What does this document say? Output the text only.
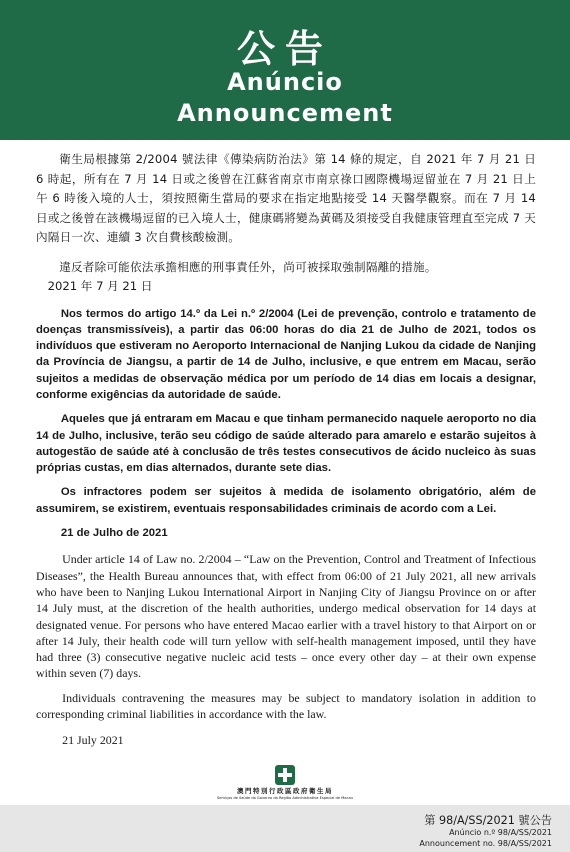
公告
Anúncio
Announcement

衛生局根據第 2/2004 號法律《傳染病防治法》第 14 條的規定，自 2021 年 7 月 21 日 6 時起，所有在 7 月 14 日或之後曾在江蘇省南京市南京祿口國際機場逗留並在 7 月 21 日上午 6 時後入境的人士，須按照衛生當局的要求在指定地點接受 14 天醫學觀察。而在 7 月 14 日或之後曾在該機場逗留的已入境人士，健康碼將變為黃碼及須接受自我健康管理直至完成 7 天內隔日一次、連續 3 次自費核酸檢測。

違反者除可能依法承擔相應的刑事責任外，尚可被採取強制隔離的措施。

2021 年 7 月 21 日

Nos termos do artigo 14.º da Lei n.º 2/2004 (Lei de prevenção, controlo e tratamento de doenças transmissíveis), a partir das 06:00 horas do dia 21 de Julho de 2021, todos os indivíduos que estiveram no Aeroporto Internacional de Nanjing Lukou da cidade de Nanjing da Província de Jiangsu, a partir de 14 de Julho, inclusive, e que entrem em Macau, serão sujeitos a medidas de observação médica por um período de 14 dias em locais a designar, conforme exigências da autoridade de saúde.

Aqueles que já entraram em Macau e que tinham permanecido naquele aeroporto no dia 14 de Julho, inclusive, terão seu código de saúde alterado para amarelo e estarão sujeitos à autogestão de saúde até à conclusão de três testes consecutivos de ácido nucleico às suas próprias custas, em dias alternados, durante sete dias.

Os infractores podem ser sujeitos à medida de isolamento obrigatório, além de assumirem, se existirem, eventuais responsabilidades criminais de acordo com a Lei.

21 de Julho de 2021

Under article 14 of Law no. 2/2004 – “Law on the Prevention, Control and Treatment of Infectious Diseases”, the Health Bureau announces that, with effect from 06:00 of 21 July 2021, all new arrivals who have been to Nanjing Lukou International Airport in Nanjing City of Jiangsu Province on or after 14 July must, at the discretion of the health authorities, undergo medical observation for 14 days at designated venue. For persons who have entered Macao earlier with a travel history to that Airport on or after 14 July, their health code will turn yellow with self-health management imposed, until they have had three (3) consecutive negative nucleic acid tests – once every other day – at their own expense within seven (7) days.

Individuals contravening the measures may be subject to mandatory isolation in addition to corresponding criminal liabilities in accordance with the law.

21 July 2021

澳門特別行政區政府衛生局
Serviços de Saúde do Governo da Região Administrativa Especial de Macau
第 98/A/SS/2021 號公告
Anúncio n.º 98/A/SS/2021
Announcement no. 98/A/SS/2021
